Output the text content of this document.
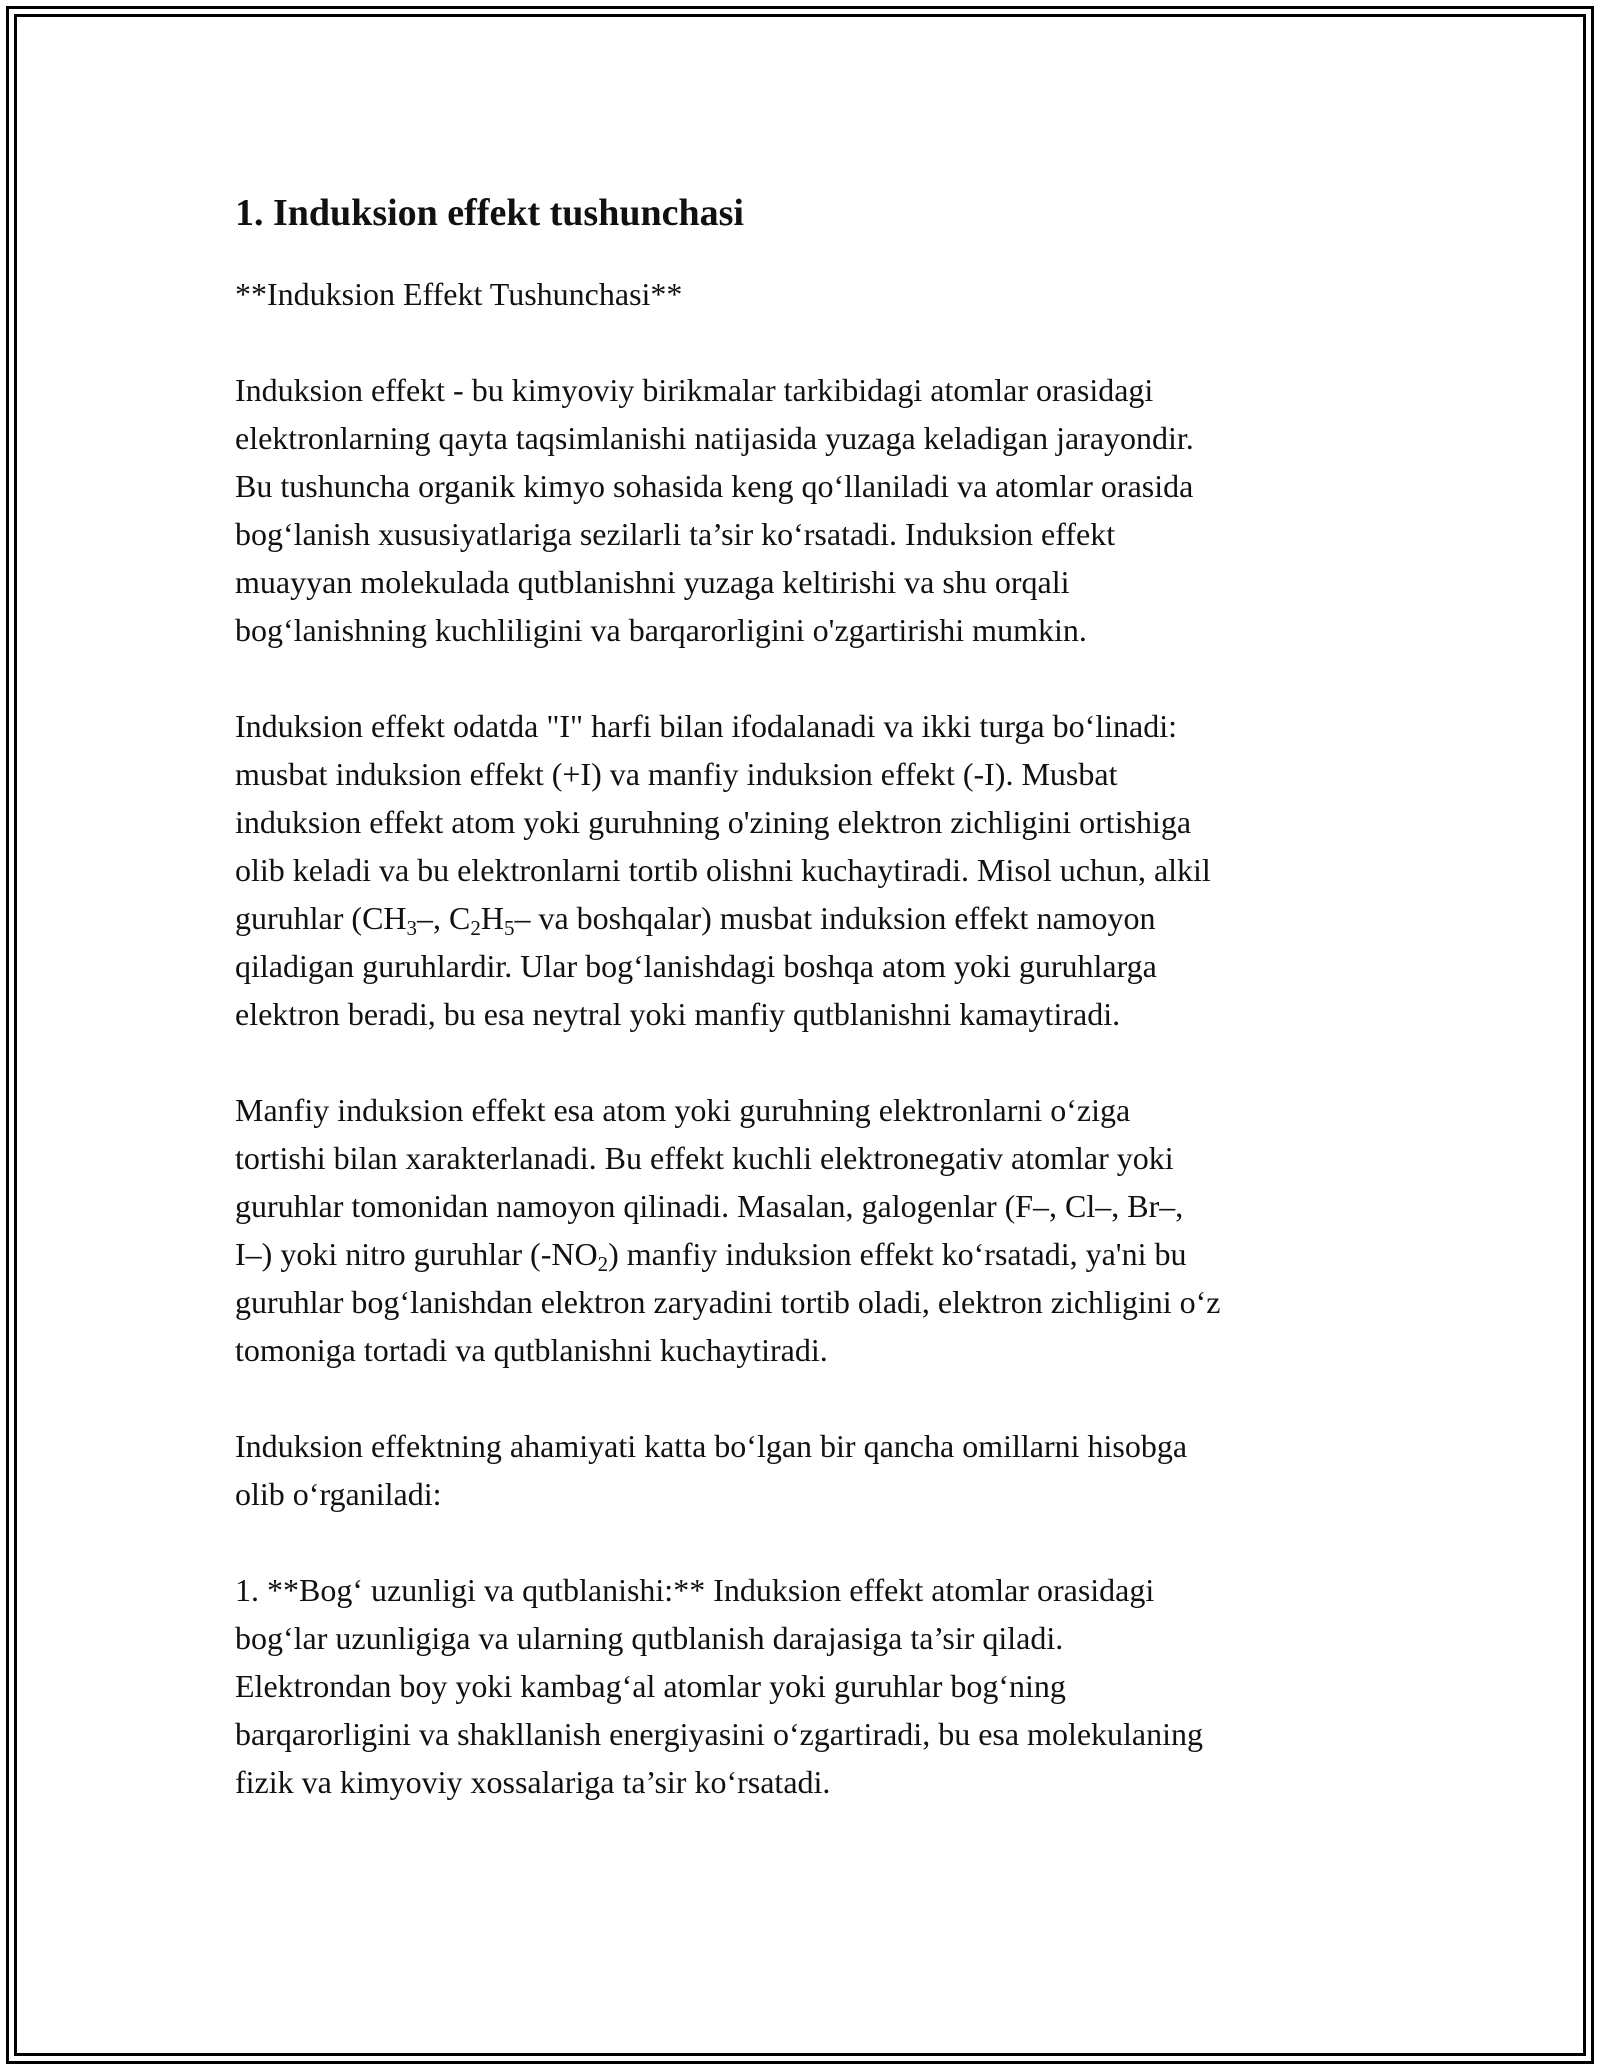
1. Induksion effekt tushunchasi

**Induksion Effekt Tushunchasi**

Induksion effekt - bu kimyoviy birikmalar tarkibidagi atomlar orasidagi
elektronlarning qayta taqsimlanishi natijasida yuzaga keladigan jarayondir.
Bu tushuncha organik kimyo sohasida keng qo‘llaniladi va atomlar orasida
bog‘lanish xususiyatlariga sezilarli ta’sir ko‘rsatadi. Induksion effekt
muayyan molekulada qutblanishni yuzaga keltirishi va shu orqali
bog‘lanishning kuchliligini va barqarorligini o'zgartirishi mumkin.

Induksion effekt odatda "I" harfi bilan ifodalanadi va ikki turga bo‘linadi:
musbat induksion effekt (+I) va manfiy induksion effekt (-I). Musbat
induksion effekt atom yoki guruhning o'zining elektron zichligini ortishiga
olib keladi va bu elektronlarni tortib olishni kuchaytiradi. Misol uchun, alkil
guruhlar ($CH_3-$, $C_2H_5-$ va boshqalar) musbat induksion effekt namoyon
qiladigan guruhlardir. Ular bog‘lanishdagi boshqa atom yoki guruhlarga
elektron beradi, bu esa neytral yoki manfiy qutblanishni kamaytiradi.

Manfiy induksion effekt esa atom yoki guruhning elektronlarni o‘ziga
tortishi bilan xarakterlanadi. Bu effekt kuchli elektronegativ atomlar yoki
guruhlar tomonidan namoyon qilinadi. Masalan, galogenlar (F–, Cl–, Br–,
I–) yoki nitro guruhlar $(-NO_2)$ manfiy induksion effekt ko‘rsatadi, ya'ni bu
guruhlar bog‘lanishdan elektron zaryadini tortib oladi, elektron zichligini o‘z
tomoniga tortadi va qutblanishni kuchaytiradi.

Induksion effektning ahamiyati katta bo‘lgan bir qancha omillarni hisobga
olib o‘rganiladi:

1. **Bog‘ uzunligi va qutblanishi:** Induksion effekt atomlar orasidagi
bog‘lar uzunligiga va ularning qutblanish darajasiga ta’sir qiladi.
Elektrondan boy yoki kambag‘al atomlar yoki guruhlar bog‘ning
barqarorligini va shakllanish energiyasini o‘zgartiradi, bu esa molekulaning
fizik va kimyoviy xossalariga ta’sir ko‘rsatadi.
